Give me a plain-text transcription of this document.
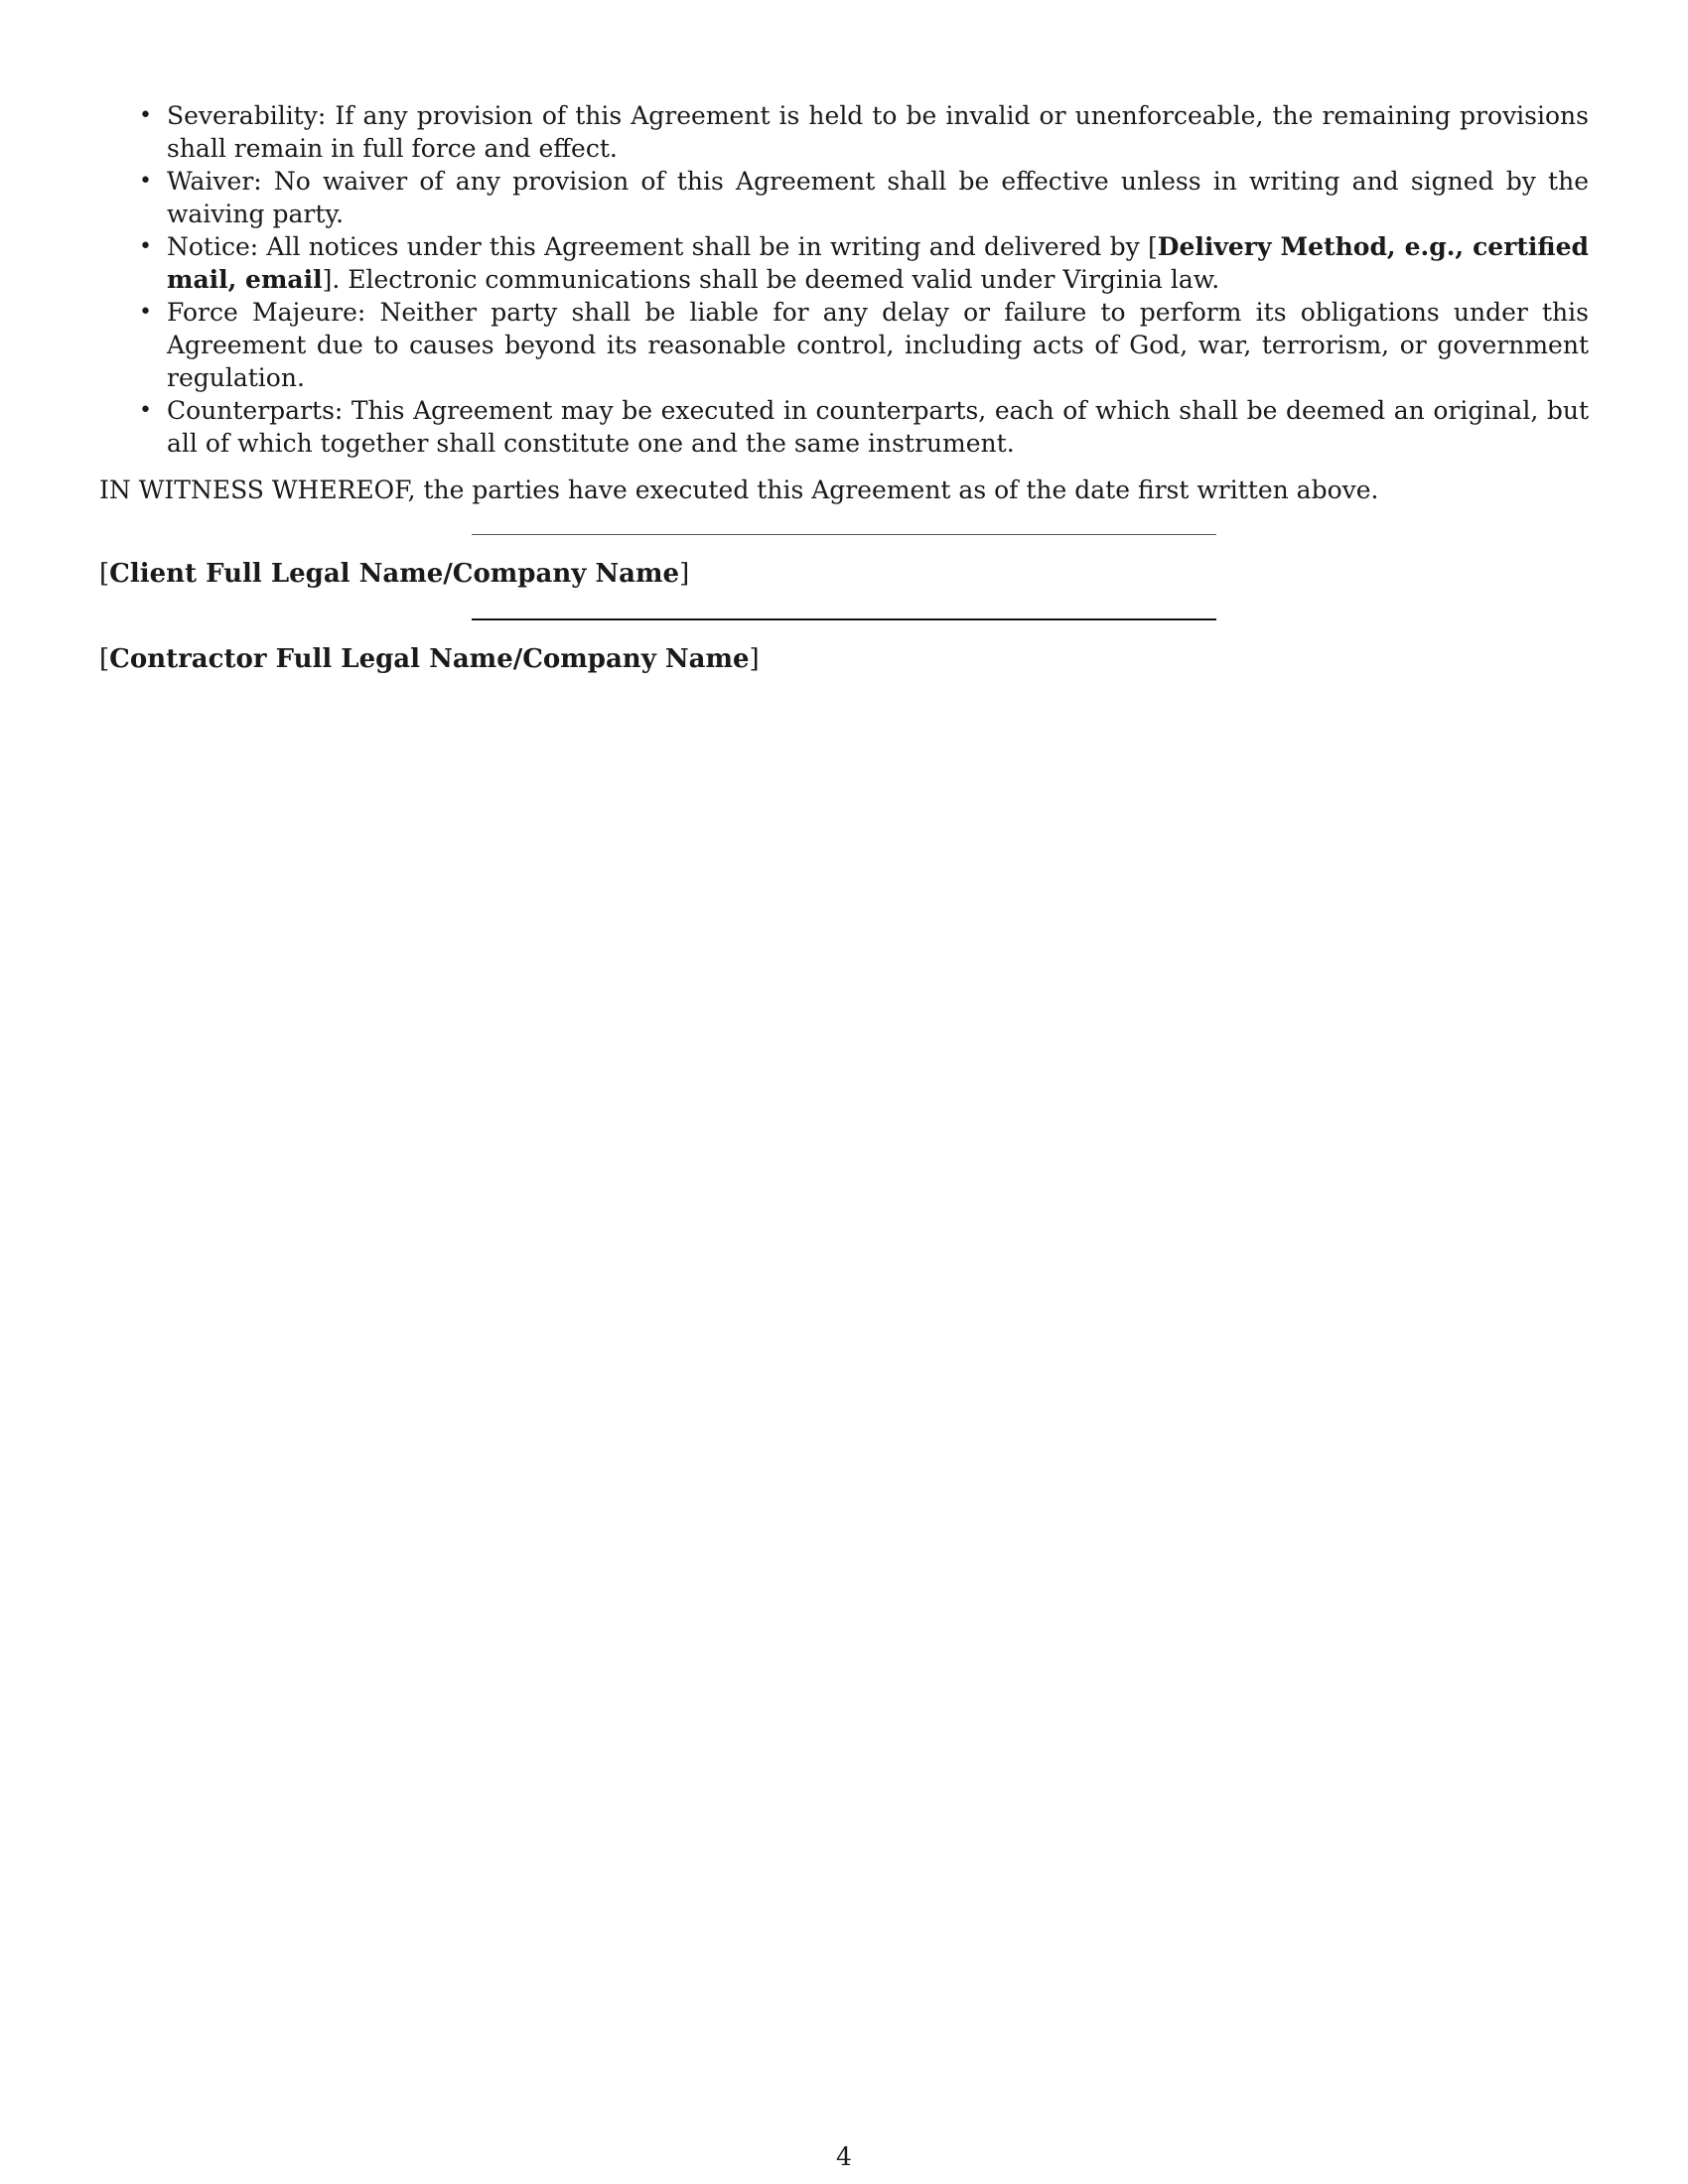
• Severability: If any provision of this Agreement is held to be invalid or unenforceable, the remaining provisions shall remain in full force and effect.
• Waiver: No waiver of any provision of this Agreement shall be effective unless in writing and signed by the waiving party.
• Notice: All notices under this Agreement shall be in writing and delivered by [Delivery Method, e.g., certified mail, email]. Electronic communications shall be deemed valid under Virginia law.
• Force Majeure: Neither party shall be liable for any delay or failure to perform its obligations under this Agreement due to causes beyond its reasonable control, including acts of God, war, terrorism, or government regulation.
• Counterparts: This Agreement may be executed in counterparts, each of which shall be deemed an original, but all of which together shall constitute one and the same instrument.
IN WITNESS WHEREOF, the parties have executed this Agreement as of the date first written above.
[Client Full Legal Name/Company Name]
[Contractor Full Legal Name/Company Name]
4
